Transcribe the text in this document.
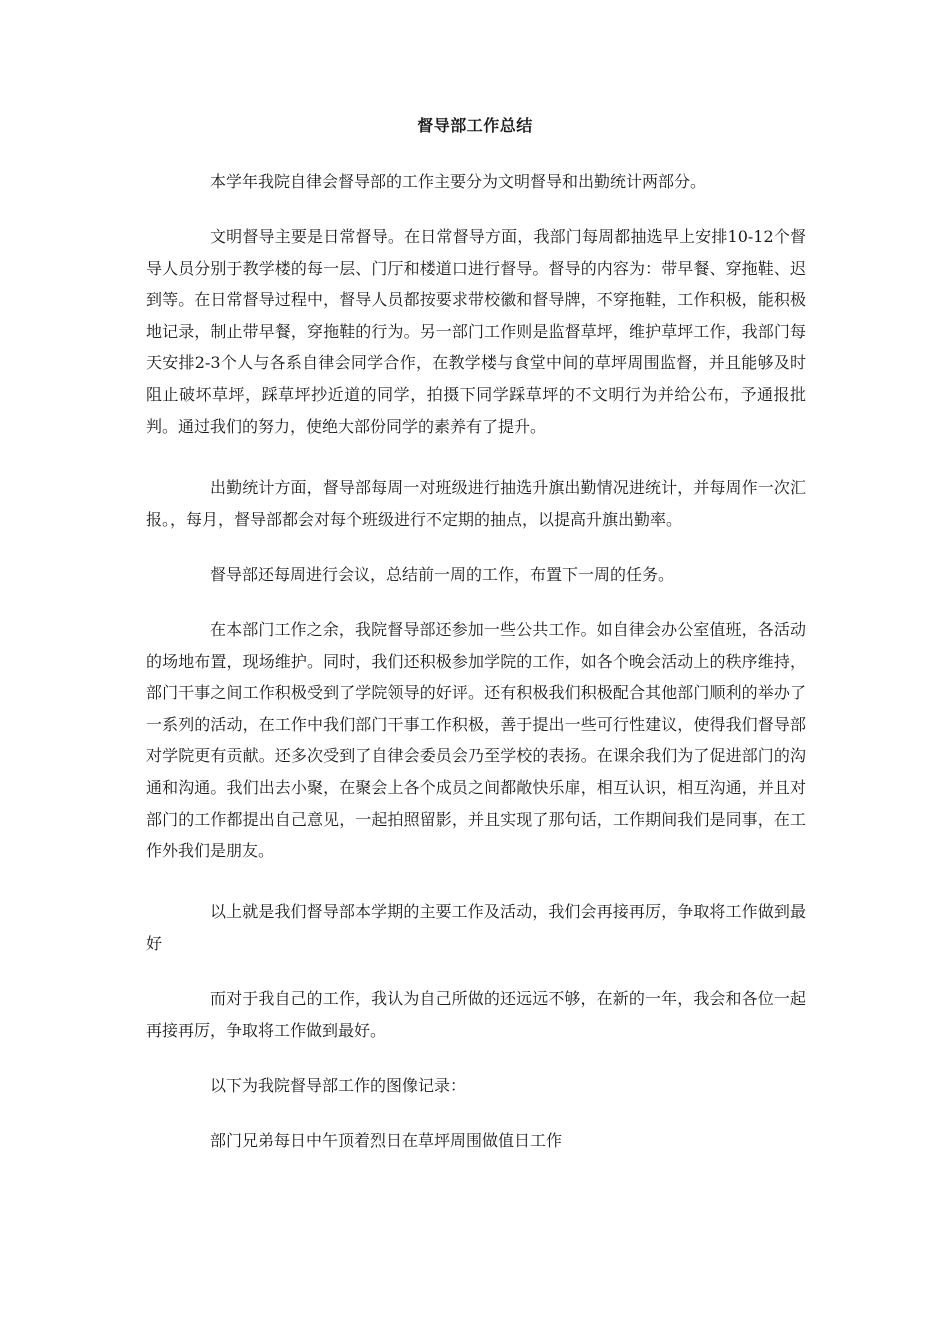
督导部工作总结

本学年我院自律会督导部的工作主要分为文明督导和出勤统计两部分。

文明督导主要是日常督导。在日常督导方面，我部门每周都抽选早上安排10-12个督导人员分别于教学楼的每一层、门厅和楼道口进行督导。督导的内容为：带早餐、穿拖鞋、迟到等。在日常督导过程中，督导人员都按要求带校徽和督导牌，不穿拖鞋，工作积极，能积极地记录，制止带早餐，穿拖鞋的行为。另一部门工作则是监督草坪，维护草坪工作，我部门每天安排2-3个人与各系自律会同学合作，在教学楼与食堂中间的草坪周围监督，并且能够及时阻止破坏草坪，踩草坪抄近道的同学，拍摄下同学踩草坪的不文明行为并给公布，予通报批判。通过我们的努力，使绝大部份同学的素养有了提升。

出勤统计方面，督导部每周一对班级进行抽选升旗出勤情况进统计，并每周作一次汇报。，每月，督导部都会对每个班级进行不定期的抽点，以提高升旗出勤率。

督导部还每周进行会议，总结前一周的工作，布置下一周的任务。

在本部门工作之余，我院督导部还参加一些公共工作。如自律会办公室值班，各活动的场地布置，现场维护。同时，我们还积极参加学院的工作，如各个晚会活动上的秩序维持，部门干事之间工作积极受到了学院领导的好评。还有积极我们积极配合其他部门顺利的举办了一系列的活动，在工作中我们部门干事工作积极，善于提出一些可行性建议，使得我们督导部对学院更有贡献。还多次受到了自律会委员会乃至学校的表扬。在课余我们为了促进部门的沟通和沟通。我们出去小聚，在聚会上各个成员之间都敞快乐扉，相互认识，相互沟通，并且对部门的工作都提出自己意见，一起拍照留影，并且实现了那句话，工作期间我们是同事，在工作外我们是朋友。

以上就是我们督导部本学期的主要工作及活动，我们会再接再厉，争取将工作做到最好

而对于我自己的工作，我认为自己所做的还远远不够，在新的一年，我会和各位一起再接再厉，争取将工作做到最好。

以下为我院督导部工作的图像记录：

部门兄弟每日中午顶着烈日在草坪周围做值日工作
